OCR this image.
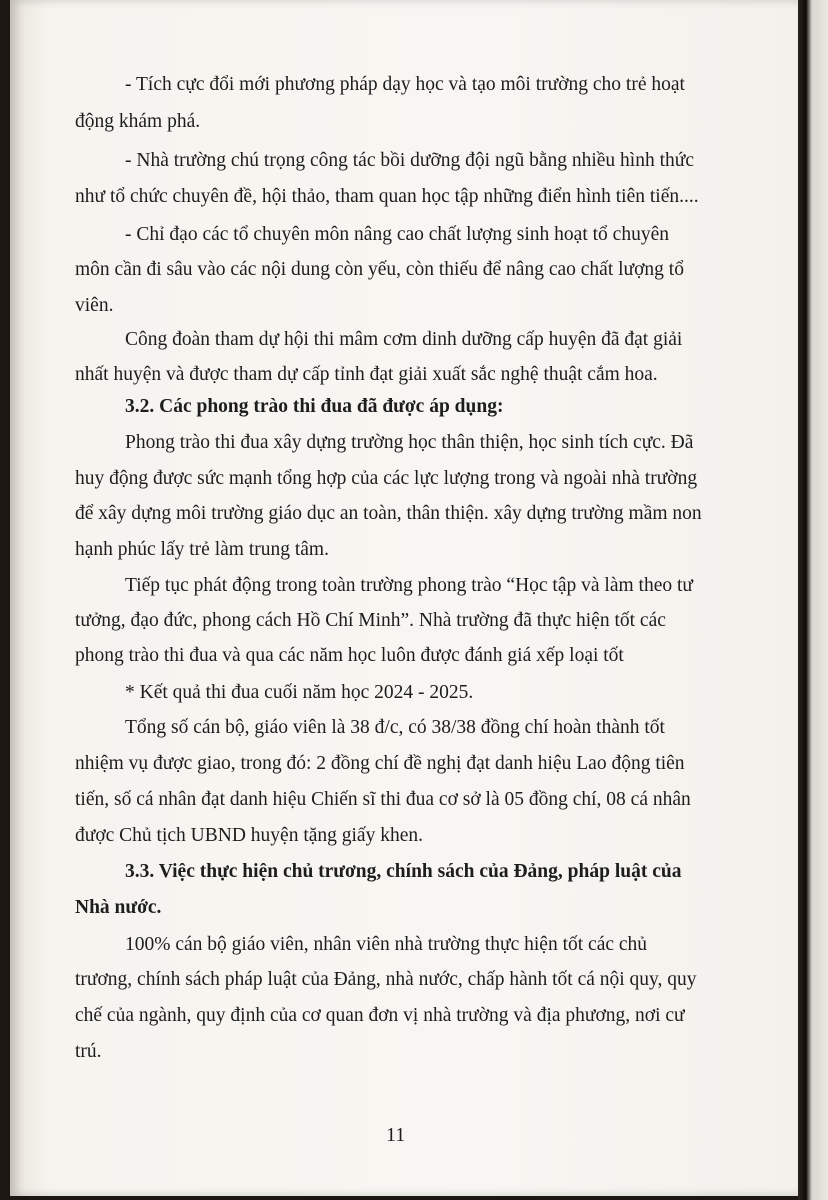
- Tích cực đổi mới phương pháp dạy học và tạo môi trường cho trẻ hoạt

động khám phá.

- Nhà trường chú trọng công tác bồi dưỡng đội ngũ bằng nhiều hình thức

như tổ chức chuyên đề, hội thảo, tham quan học tập những điển hình tiên tiến....

- Chỉ đạo các tổ chuyên môn nâng cao chất lượng sinh hoạt tổ chuyên

môn cần đi sâu vào các nội dung còn yếu, còn thiếu để nâng cao chất lượng tổ

viên.

Công đoàn tham dự hội thi mâm cơm dinh dưỡng cấp huyện đã đạt giải

nhất huyện và được tham dự cấp tỉnh đạt giải xuất sắc nghệ thuật cắm hoa.

3.2. Các phong trào thi đua đã được áp dụng:

Phong trào thi đua xây dựng trường học thân thiện, học sinh tích cực. Đã

huy động được sức mạnh tổng hợp của các lực lượng trong và ngoài nhà trường

để xây dựng môi trường giáo dục an toàn, thân thiện. xây dựng trường mầm non

hạnh phúc lấy trẻ làm trung tâm.

Tiếp tục phát động trong toàn trường phong trào “Học tập và làm theo tư

tưởng, đạo đức, phong cách Hồ Chí Minh”. Nhà trường đã thực hiện tốt các

phong trào thi đua và qua các năm học luôn được đánh giá xếp loại tốt

* Kết quả thi đua cuối năm học 2024 - 2025.

Tổng số cán bộ, giáo viên là 38 đ/c, có 38/38 đồng chí hoàn thành tốt

nhiệm vụ được giao, trong đó: 2 đồng chí đề nghị đạt danh hiệu Lao động tiên

tiến, số cá nhân đạt danh hiệu Chiến sĩ thi đua cơ sở là 05 đồng chí, 08 cá nhân

được Chủ tịch UBND huyện tặng giấy khen.

3.3. Việc thực hiện chủ trương, chính sách của Đảng, pháp luật của

Nhà nước.

100% cán bộ giáo viên, nhân viên nhà trường thực hiện tốt các chủ

trương, chính sách pháp luật của Đảng, nhà nước, chấp hành tốt cá nội quy, quy

chế của ngành, quy định của cơ quan đơn vị nhà trường và địa phương, nơi cư

trú.

11
